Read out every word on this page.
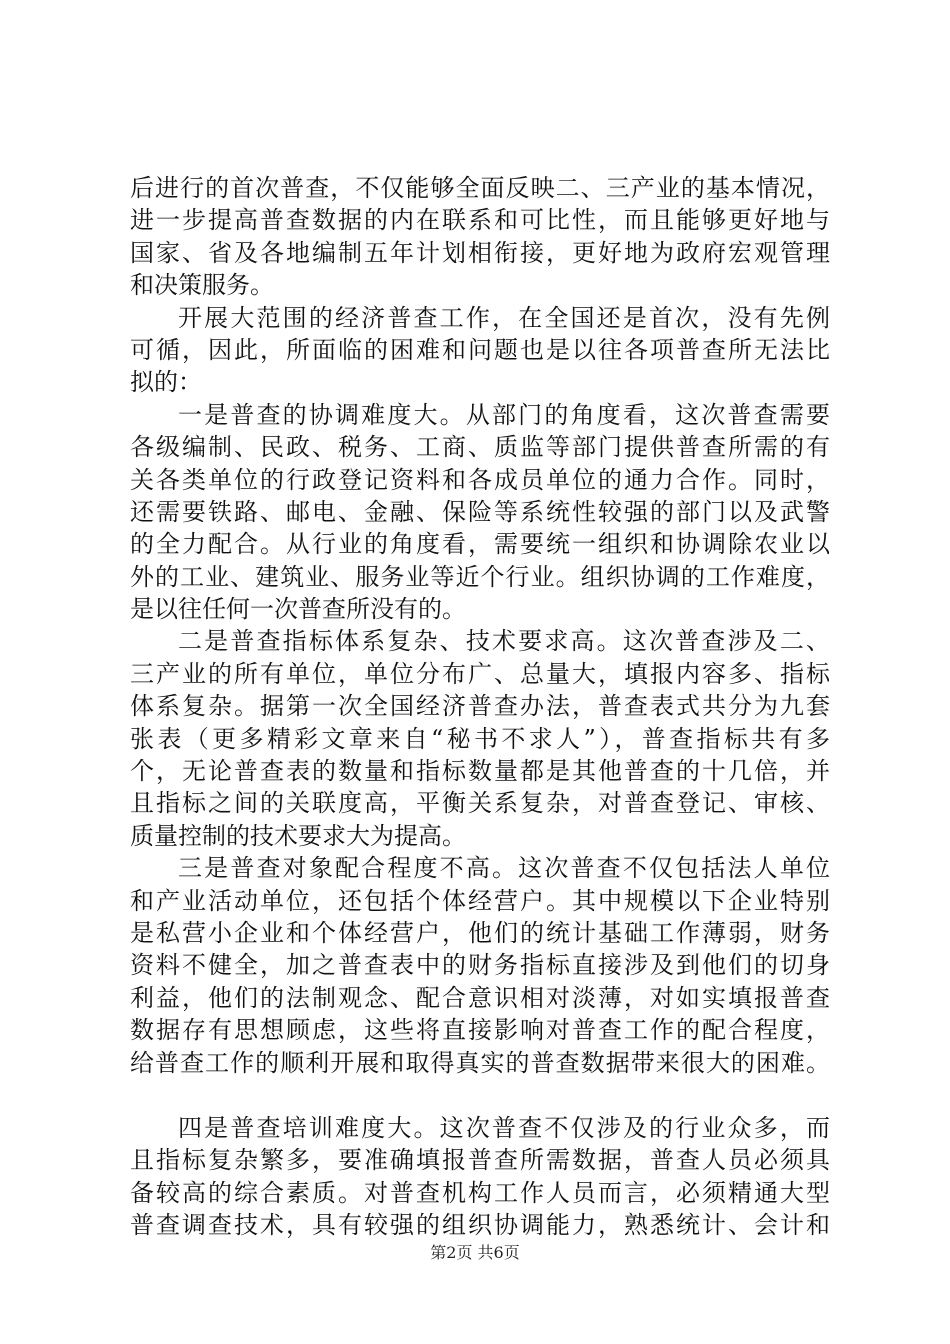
后进行的首次普查，不仅能够全面反映二、三产业的基本情况，
进一步提高普查数据的内在联系和可比性，而且能够更好地与
国家、省及各地编制五年计划相衔接，更好地为政府宏观管理
和决策服务。
开展大范围的经济普查工作，在全国还是首次，没有先例
可循，因此，所面临的困难和问题也是以往各项普查所无法比
拟的：
一是普查的协调难度大。从部门的角度看，这次普查需要
各级编制、民政、税务、工商、质监等部门提供普查所需的有
关各类单位的行政登记资料和各成员单位的通力合作。同时，
还需要铁路、邮电、金融、保险等系统性较强的部门以及武警
的全力配合。从行业的角度看，需要统一组织和协调除农业以
外的工业、建筑业、服务业等近个行业。组织协调的工作难度，
是以往任何一次普查所没有的。
二是普查指标体系复杂、技术要求高。这次普查涉及二、
三产业的所有单位，单位分布广、总量大，填报内容多、指标
体系复杂。据第一次全国经济普查办法，普查表式共分为九套
张表（更多精彩文章来自“秘书不求人”），普查指标共有多
个，无论普查表的数量和指标数量都是其他普查的十几倍，并
且指标之间的关联度高，平衡关系复杂，对普查登记、审核、
质量控制的技术要求大为提高。
三是普查对象配合程度不高。这次普查不仅包括法人单位
和产业活动单位，还包括个体经营户。其中规模以下企业特别
是私营小企业和个体经营户，他们的统计基础工作薄弱，财务
资料不健全，加之普查表中的财务指标直接涉及到他们的切身
利益，他们的法制观念、配合意识相对淡薄，对如实填报普查
数据存有思想顾虑，这些将直接影响对普查工作的配合程度，
给普查工作的顺利开展和取得真实的普查数据带来很大的困难。
四是普查培训难度大。这次普查不仅涉及的行业众多，而
且指标复杂繁多，要准确填报普查所需数据，普查人员必须具
备较高的综合素质。对普查机构工作人员而言，必须精通大型
普查调查技术，具有较强的组织协调能力，熟悉统计、会计和
第2页 共6页
